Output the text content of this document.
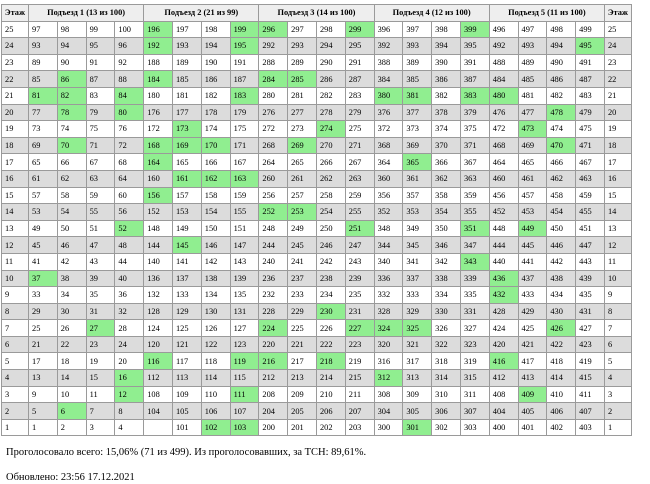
Этаж	Подъезд 1 (13 из 100)				Подъезд 2 (21 из 99)				Подъезд 3 (14 из 100)				Подъезд 4 (12 из 100)				Подъезд 5 (11 из 100)				Этаж
25	97	98	99	100	196	197	198	199	296	297	298	299	396	397	398	399	496	497	498	499	25
24	93	94	95	96	192	193	194	195	292	293	294	295	392	393	394	395	492	493	494	495	24
23	89	90	91	92	188	189	190	191	288	289	290	291	388	389	390	391	488	489	490	491	23
22	85	86	87	88	184	185	186	187	284	285	286	287	384	385	386	387	484	485	486	487	22
21	81	82	83	84	180	181	182	183	280	281	282	283	380	381	382	383	480	481	482	483	21
20	77	78	79	80	176	177	178	179	276	277	278	279	376	377	378	379	476	477	478	479	20
19	73	74	75	76	172	173	174	175	272	273	274	275	372	373	374	375	472	473	474	475	19
18	69	70	71	72	168	169	170	171	268	269	270	271	368	369	370	371	468	469	470	471	18
17	65	66	67	68	164	165	166	167	264	265	266	267	364	365	366	367	464	465	466	467	17
16	61	62	63	64	160	161	162	163	260	261	262	263	360	361	362	363	460	461	462	463	16
15	57	58	59	60	156	157	158	159	256	257	258	259	356	357	358	359	456	457	458	459	15
14	53	54	55	56	152	153	154	155	252	253	254	255	352	353	354	355	452	453	454	455	14
13	49	50	51	52	148	149	150	151	248	249	250	251	348	349	350	351	448	449	450	451	13
12	45	46	47	48	144	145	146	147	244	245	246	247	344	345	346	347	444	445	446	447	12
11	41	42	43	44	140	141	142	143	240	241	242	243	340	341	342	343	440	441	442	443	11
10	37	38	39	40	136	137	138	139	236	237	238	239	336	337	338	339	436	437	438	439	10
9	33	34	35	36	132	133	134	135	232	233	234	235	332	333	334	335	432	433	434	435	9
8	29	30	31	32	128	129	130	131	228	229	230	231	328	329	330	331	428	429	430	431	8
7	25	26	27	28	124	125	126	127	224	225	226	227	324	325	326	327	424	425	426	427	7
6	21	22	23	24	120	121	122	123	220	221	222	223	320	321	322	323	420	421	422	423	6
5	17	18	19	20	116	117	118	119	216	217	218	219	316	317	318	319	416	417	418	419	5
4	13	14	15	16	112	113	114	115	212	213	214	215	312	313	314	315	412	413	414	415	4
3	9	10	11	12	108	109	110	111	208	209	210	211	308	309	310	311	408	409	410	411	3
2	5	6	7	8	104	105	106	107	204	205	206	207	304	305	306	307	404	405	406	407	2
1	1	2	3	4		101	102	103	200	201	202	203	300	301	302	303	400	401	402	403	1
Проголосовало всего: 15,06% (71 из 499). Из проголосовавших, за ТСН: 89,61%.
Обновлено: 23:56 17.12.2021
